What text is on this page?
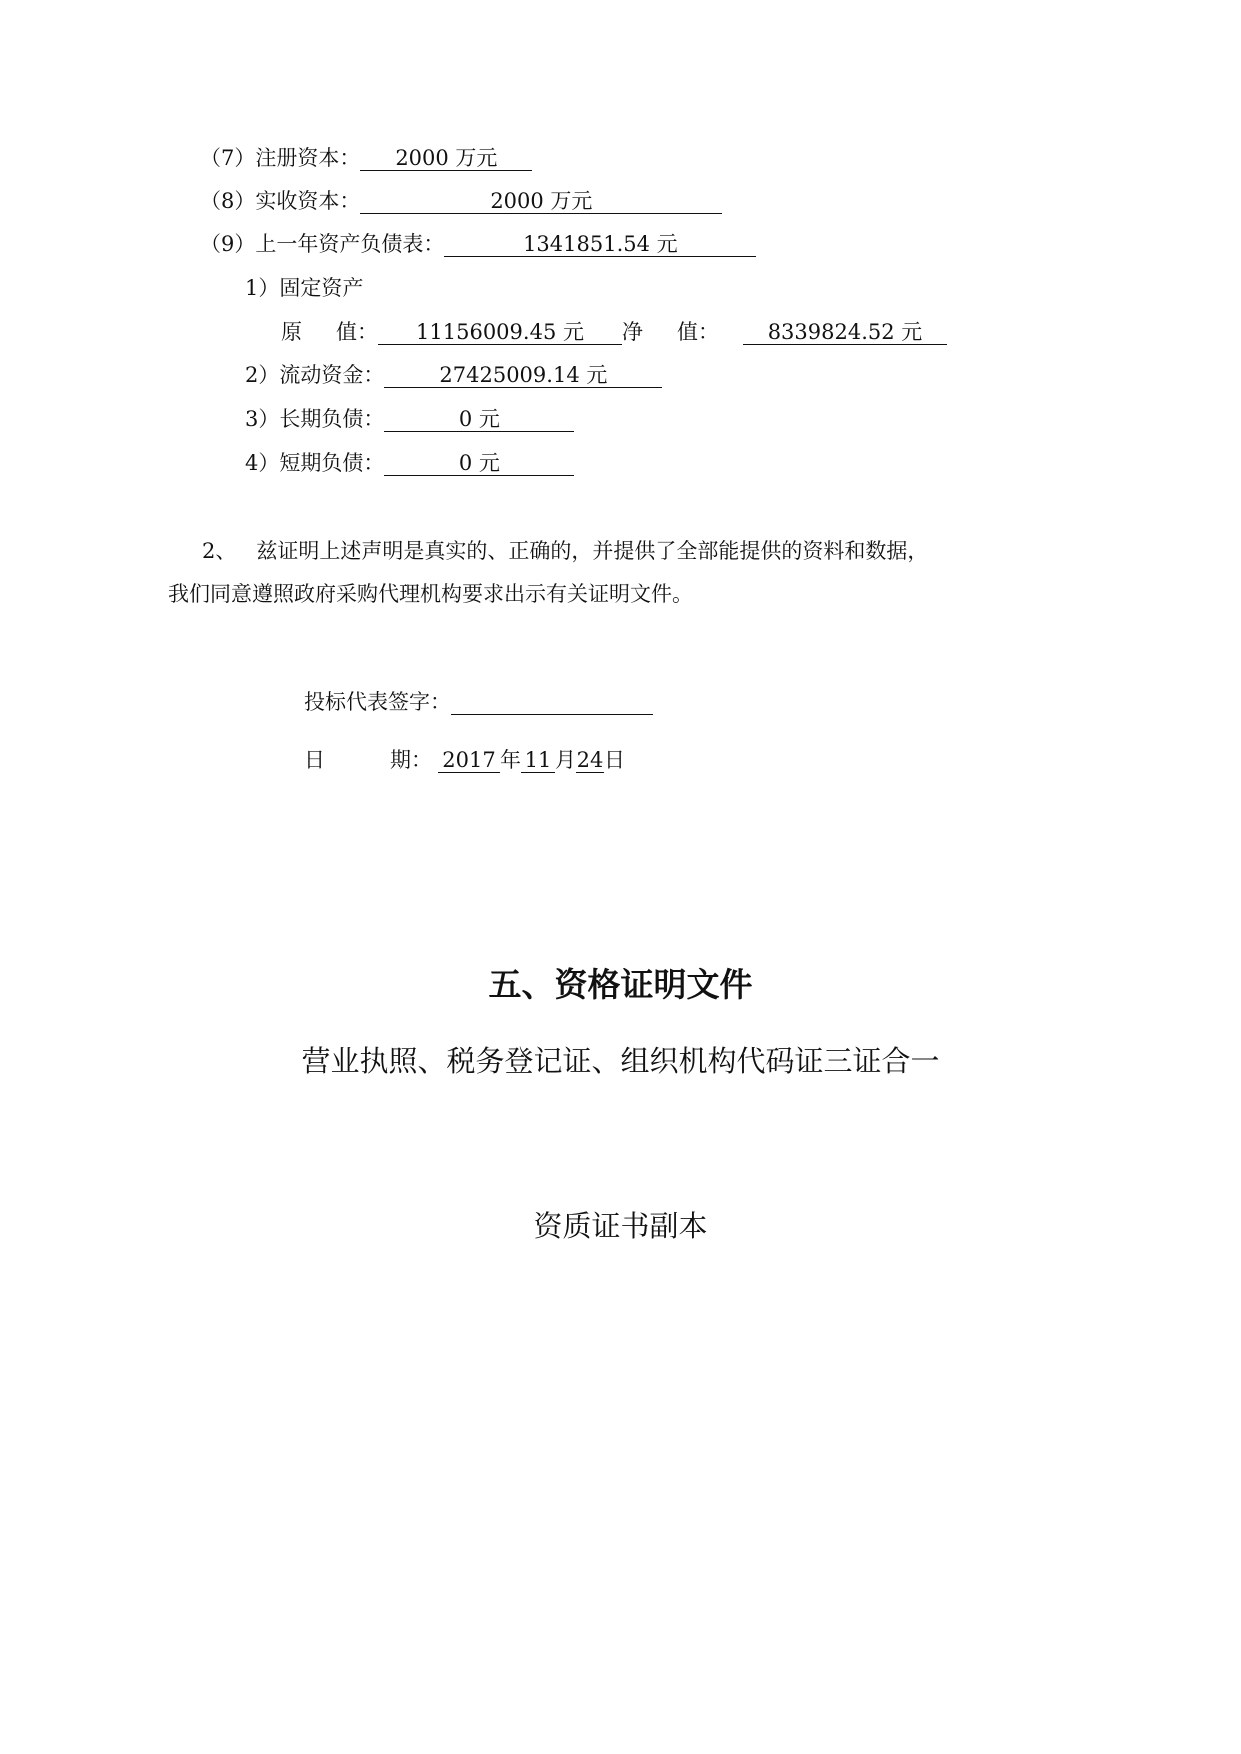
（7）注册资本： 2000 万元
（8）实收资本：	2000 万元
（9）上一年资产负债表：	1341851.54 元
1）固定资产
原 值： 11156009.45 元 净 值： 8339824.52 元
2）流动资金：	27425009.14 元
3）长期负债：	0 元
4）短期负债：	0 元
2、 兹证明上述声明是真实的、正确的，并提供了全部能提供的资料和数据，
我们同意遵照政府采购代理机构要求出示有关证明文件。
投标代表签字：
日	期： 2017 年 11 月24日
五、资格证明文件
营业执照、税务登记证、组织机构代码证三证合一
资质证书副本
